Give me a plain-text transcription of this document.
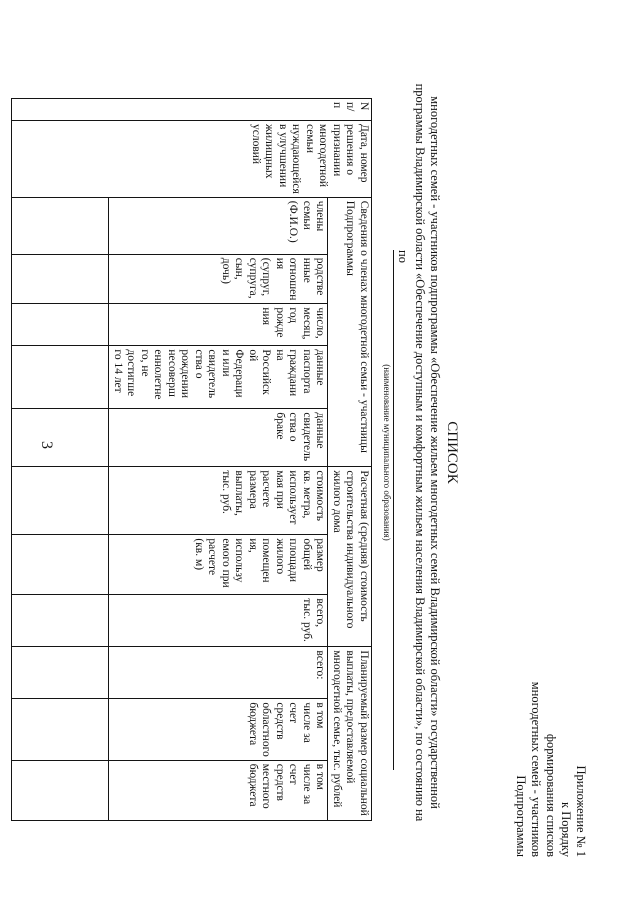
3
Приложение № 1
к Порядку
формирования списков
многодетных семей - участников
Подпрограммы
СПИСОК
многодетных семей - участников подпрограммы «Обеспечение жильем многодетных семей Владимирской области» государственной
программы Владимирской области «Обеспечение доступным и комфортным жильем населения Владимирской области», по состоянию на
по
(наименование муниципального образования)
N п/п	Дата, номер решения о признании многодетной семьи нуждающейся в улучшении жилищных условий	Сведения о членах многодетной семьи - участницы Подпрограммы					Расчетная (средняя) стоимость строительства индивидуального жилого дома			Планируемый размер социальной выплаты, предоставляемой многодетной семье, тыс. рублей		
		члены семьи (Ф.И.О.)	родстве нные отношен ия (супруг, супруга, сын, дочь)	число, месяц, год рожде ния	данные паспорта граждани на Российск ой Федераци и или свидетель ства о рождении несоверш еннолетне го, не достигше го 14 лет	данные свидетель ства о браке	стоимость кв. метра, использует мая при расчете размера выплаты, тыс. руб.	размер общей площади жилого помещен ия, использу емого при расчете (кв. м)	всего, тыс. руб.	всего:	в том числе за счет средств областного бюджета	в том числе за счет средств местного бюджета
